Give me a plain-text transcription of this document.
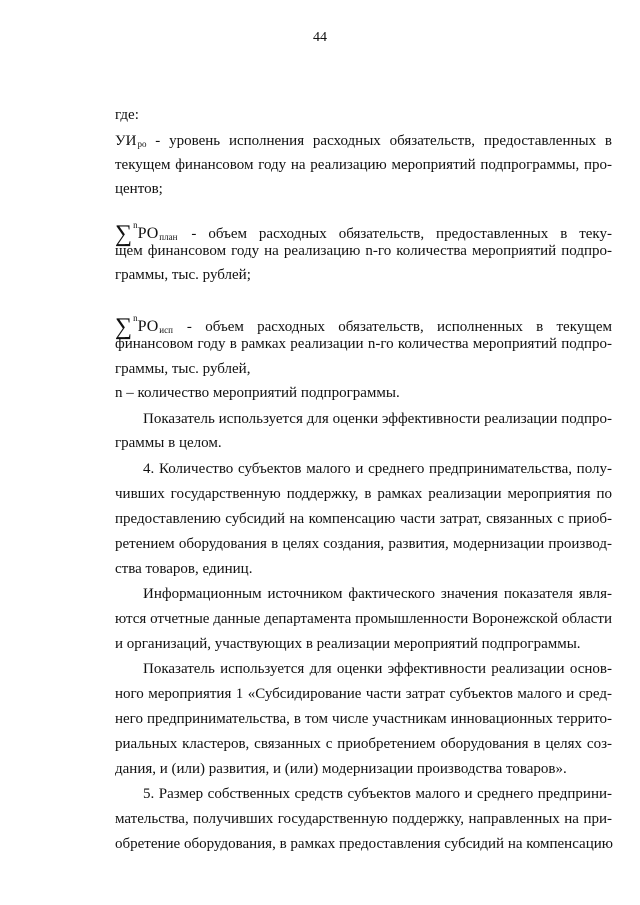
44
где:
$УИ_{ро}$ - уровень исполнения расходных обязательств, предоставленных в
текущем финансовом году на реализацию мероприятий подпрограммы, про-
центов;
$\sum^nРО_{план}$ - объем расходных обязательств, предоставленных в теку-
щем финансовом году на реализацию n-го количества мероприятий подпро-
граммы, тыс. рублей;
$\sum^nРО_{исп}$ - объем расходных обязательств, исполненных в текущем
финансовом году в рамках реализации n-го количества мероприятий подпро-
граммы, тыс. рублей,
n – количество мероприятий подпрограммы.
Показатель используется для оценки эффективности реализации подпро-
граммы в целом.
4. Количество субъектов малого и среднего предпринимательства, полу-
чивших государственную поддержку, в рамках реализации мероприятия по
предоставлению субсидий на компенсацию части затрат, связанных с приоб-
ретением оборудования в целях создания, развития, модернизации производ-
ства товаров, единиц.
Информационным источником фактического значения показателя явля-
ются отчетные данные департамента промышленности Воронежской области
и организаций, участвующих в реализации мероприятий подпрограммы.
Показатель используется для оценки эффективности реализации основ-
ного мероприятия 1 «Субсидирование части затрат субъектов малого и сред-
него предпринимательства, в том числе участникам инновационных террито-
риальных кластеров, связанных с приобретением оборудования в целях соз-
дания, и (или) развития, и (или) модернизации производства товаров».
5. Размер собственных средств субъектов малого и среднего предприни-
мательства, получивших государственную поддержку, направленных на при-
обретение оборудования, в рамках предоставления субсидий на компенсацию
